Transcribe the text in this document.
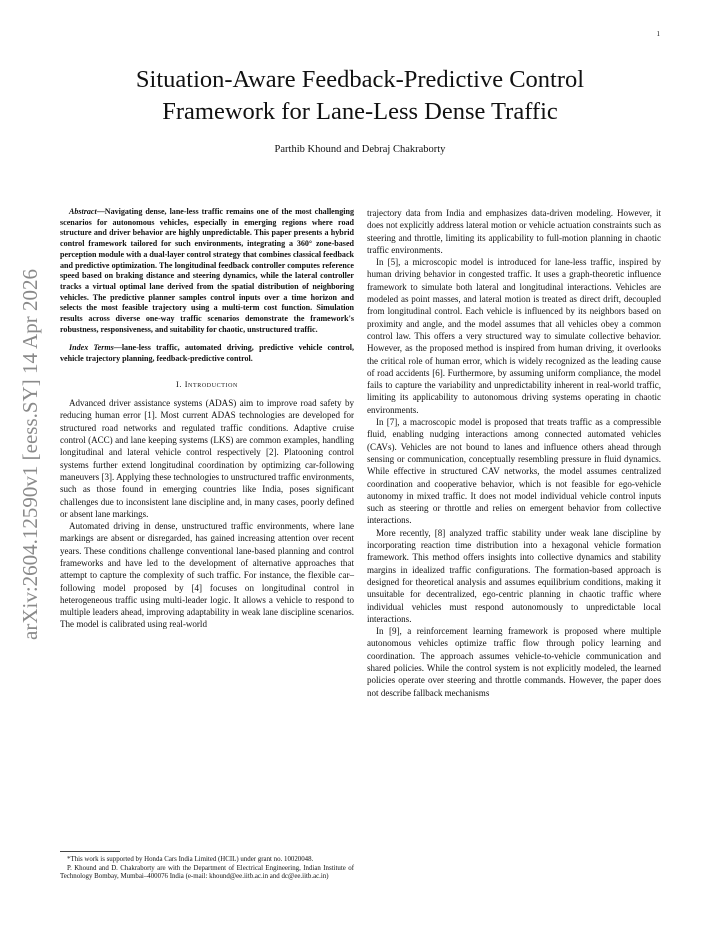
1
arXiv:2604.12590v1 [eess.SY] 14 Apr 2026
Situation-Aware Feedback-Predictive Control
Framework for Lane-Less Dense Traffic
Parthib Khound and Debraj Chakraborty

Abstract—Navigating dense, lane-less traffic remains one of the most challenging scenarios for autonomous vehicles, especially in emerging regions where road structure and driver behavior are highly unpredictable. This paper presents a hybrid control framework tailored for such environments, integrating a 360° zone-based perception module with a dual-layer control strategy that combines classical feedback and predictive optimization. The longitudinal feedback controller computes reference speed based on braking distance and steering dynamics, while the lateral controller tracks a virtual optimal lane derived from the spatial distribution of neighboring vehicles. The predictive planner samples control inputs over a time horizon and selects the most feasible trajectory using a multi-term cost function. Simulation results across diverse one-way traffic scenarios demonstrate the framework's robustness, responsiveness, and suitability for chaotic, unstructured traffic.

Index Terms—lane-less traffic, automated driving, predictive vehicle control, vehicle trajectory planning, feedback-predictive control.

I. Introduction

Advanced driver assistance systems (ADAS) aim to improve road safety by reducing human error [1]. Most current ADAS technologies are developed for structured road networks and regulated traffic conditions. Adaptive cruise control (ACC) and lane keeping systems (LKS) are common examples, handling longitudinal and lateral vehicle control respectively [2]. Platooning control systems further extend longitudinal coordination by optimizing car-following maneuvers [3]. Applying these technologies to unstructured traffic environments, such as those found in emerging countries like India, poses significant challenges due to inconsistent lane discipline and, in many cases, poorly defined or absent lane markings.

Automated driving in dense, unstructured traffic environments, where lane markings are absent or disregarded, has gained increasing attention over recent years. These conditions challenge conventional lane-based planning and control frameworks and have led to the development of alternative approaches that attempt to capture the complexity of such traffic. For instance, the flexible car–following model proposed by [4] focuses on longitudinal control in heterogeneous traffic using multi-leader logic. It allows a vehicle to respond to multiple leaders ahead, improving adaptability in weak lane discipline scenarios. The model is calibrated using real-world

*This work is supported by Honda Cars India Limited (HCIL) under grant no. 10020048.

P. Khound and D. Chakraborty are with the Department of Electrical Engineering, Indian Institute of Technology Bombay, Mumbai–400076 India (e-mail: khound@ee.iitb.ac.in and dc@ee.iitb.ac.in)

trajectory data from India and emphasizes data-driven modeling. However, it does not explicitly address lateral motion or vehicle actuation constraints such as steering and throttle, limiting its applicability to full-motion planning in chaotic traffic environments.

In [5], a microscopic model is introduced for lane-less traffic, inspired by human driving behavior in congested traffic. It uses a graph-theoretic influence framework to simulate both lateral and longitudinal interactions. Vehicles are modeled as point masses, and lateral motion is treated as direct drift, decoupled from longitudinal control. Each vehicle is influenced by its neighbors based on proximity and angle, and the model assumes that all vehicles obey a common control law. This offers a very structured way to simulate collective behavior. However, as the proposed method is inspired from human driving, it overlooks the critical role of human error, which is widely recognized as the leading cause of road accidents [6]. Furthermore, by assuming uniform compliance, the model fails to capture the variability and unpredictability inherent in real-world traffic, limiting its applicability to autonomous driving systems operating in chaotic environments.

In [7], a macroscopic model is proposed that treats traffic as a compressible fluid, enabling nudging interactions among connected automated vehicles (CAVs). Vehicles are not bound to lanes and influence others ahead through sensing or communication, conceptually resembling pressure in fluid dynamics. While effective in structured CAV networks, the model assumes centralized coordination and cooperative behavior, which is not feasible for ego-vehicle autonomy in mixed traffic. It does not model individual vehicle control inputs such as steering or throttle and relies on emergent behavior from collective interactions.

More recently, [8] analyzed traffic stability under weak lane discipline by incorporating reaction time distribution into a hexagonal vehicle formation framework. This method offers insights into collective dynamics and stability margins in idealized traffic configurations. The formation-based approach is designed for theoretical analysis and assumes equilibrium conditions, making it unsuitable for decentralized, ego-centric planning in chaotic traffic where individual vehicles must respond autonomously to unpredictable local interactions.

In [9], a reinforcement learning framework is proposed where multiple autonomous vehicles optimize traffic flow through policy learning and coordination. The approach assumes vehicle-to-vehicle communication and shared policies. While the control system is not explicitly modeled, the learned policies operate over steering and throttle commands. However, the paper does not describe fallback mechanisms
